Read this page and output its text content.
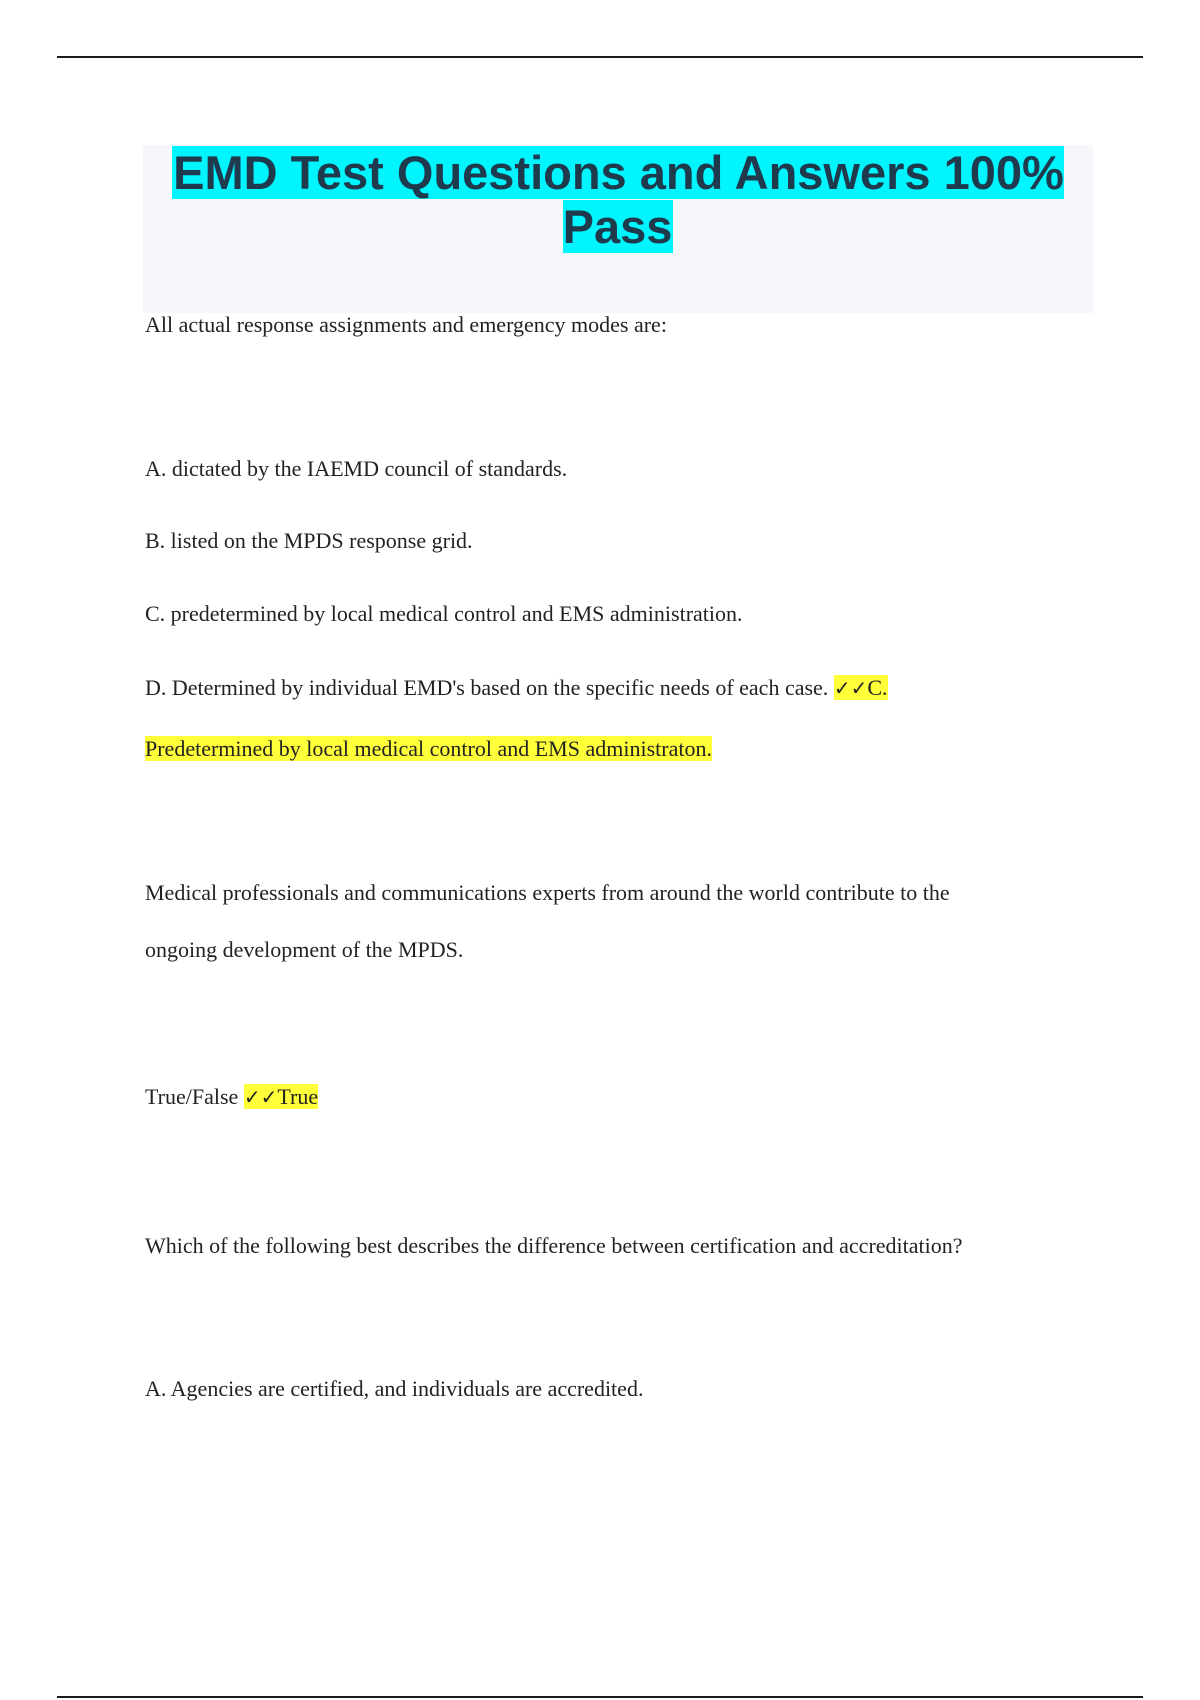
EMD Test Questions and Answers 100% Pass
All actual response assignments and emergency modes are:
A. dictated by the IAEMD council of standards.
B. listed on the MPDS response grid.
C. predetermined by local medical control and EMS administration.
D. Determined by individual EMD's based on the specific needs of each case. ✓✓C.
Predetermined by local medical control and EMS administraton.
Medical professionals and communications experts from around the world contribute to the
ongoing development of the MPDS.
True/False ✓✓True
Which of the following best describes the difference between certification and accreditation?
A. Agencies are certified, and individuals are accredited.
